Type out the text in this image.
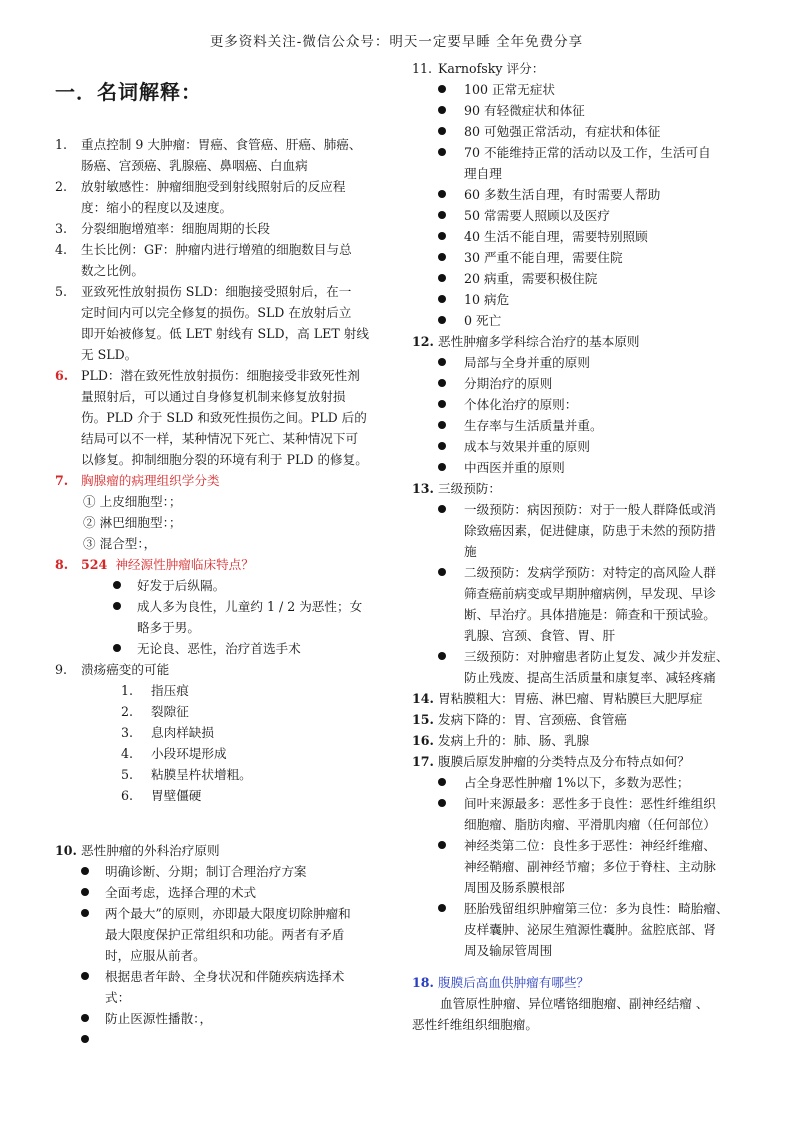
更多资料关注-微信公众号：明天一定要早睡 全年免费分享
一．名词解释：
1.	重点控制 9 大肿瘤：胃癌、食管癌、肝癌、肺癌、

肠癌、宫颈癌、乳腺癌、鼻咽癌、白血病

2.	放射敏感性：肿瘤细胞受到射线照射后的反应程

度：缩小的程度以及速度。

3.	分裂细胞增殖率：细胞周期的长段

4.	生长比例：GF：肿瘤内进行增殖的细胞数目与总

数之比例。

5.	亚致死性放射损伤 SLD：细胞接受照射后，在一

定时间内可以完全修复的损伤。SLD 在放射后立

即开始被修复。低 LET 射线有 SLD，高 LET 射线

无 SLD。

6.	PLD：潜在致死性放射损伤：细胞接受非致死性剂

量照射后，可以通过自身修复机制来修复放射损

伤。PLD 介于 SLD 和致死性损伤之间。PLD 后的

结局可以不一样，某种情况下死亡、某种情况下可

以修复。抑制细胞分裂的环境有利于 PLD 的修复。

7.	胸腺瘤的病理组织学分类

① 上皮细胞型：；

② 淋巴细胞型：；

③ 混合型：，

8.	524 神经源性肿瘤临床特点？

好发于后纵隔。

成人多为良性，儿童约 1 / 2 为恶性；女

略多于男。

无论良、恶性，治疗首选手术

9.	溃疡癌变的可能

1.	指压痕
2.	裂隙征
3.	息肉样缺损
4.	小段环堤形成
5.	粘膜呈杵状增粗。
6.	胃壁僵硬
10. 恶性肿瘤的外科治疗原则

明确诊断、分期；制订合理治疗方案

全面考虑，选择合理的术式

两个最大”的原则，亦即最大限度切除肿瘤和

最大限度保护正常组织和功能。两者有矛盾

时，应服从前者。

根据患者年龄、全身状况和伴随疾病选择术

式：

防止医源性播散：，

11. Karnofsky 评分：

100 正常无症状

90 有轻微症状和体征

80 可勉强正常活动，有症状和体征

70 不能维持正常的活动以及工作，生活可自

理自理

60 多数生活自理，有时需要人帮助

50 常需要人照顾以及医疗

40 生活不能自理，需要特别照顾

30 严重不能自理，需要住院

20 病重，需要积极住院

10 病危

0 死亡

12. 恶性肿瘤多学科综合治疗的基本原则

局部与全身并重的原则

分期治疗的原则

个体化治疗的原则：

生存率与生活质量并重。

成本与效果并重的原则

中西医并重的原则

13. 三级预防：

一级预防：病因预防：对于一般人群降低或消

除致癌因素，促进健康，防患于未然的预防措

施

二级预防：发病学预防：对特定的高风险人群

筛查癌前病变或早期肿瘤病例，早发现、早诊

断、早治疗。具体措施是：筛查和干预试验。

乳腺、宫颈、食管、胃、肝

三级预防：对肿瘤患者防止复发、减少并发症、

防止残废、提高生活质量和康复率、减轻疼痛

14. 胃粘膜粗大：胃癌、淋巴瘤、胃粘膜巨大肥厚症

15. 发病下降的：胃、宫颈癌、食管癌

16. 发病上升的：肺、肠、乳腺

17. 腹膜后原发肿瘤的分类特点及分布特点如何？

占全身恶性肿瘤 1%以下，多数为恶性；

间叶来源最多：恶性多于良性：恶性纤维组织

细胞瘤、脂肪肉瘤、平滑肌肉瘤（任何部位）

神经类第二位：良性多于恶性：神经纤维瘤、

神经鞘瘤、副神经节瘤；多位于脊柱、主动脉

周围及肠系膜根部

胚胎残留组织肿瘤第三位：多为良性：畸胎瘤、

皮样囊肿、泌尿生殖源性囊肿。盆腔底部、肾

周及输尿管周围

18. 腹膜后高血供肿瘤有哪些？

血管原性肿瘤、异位嗜铬细胞瘤、副神经结瘤 、

恶性纤维组织细胞瘤。
